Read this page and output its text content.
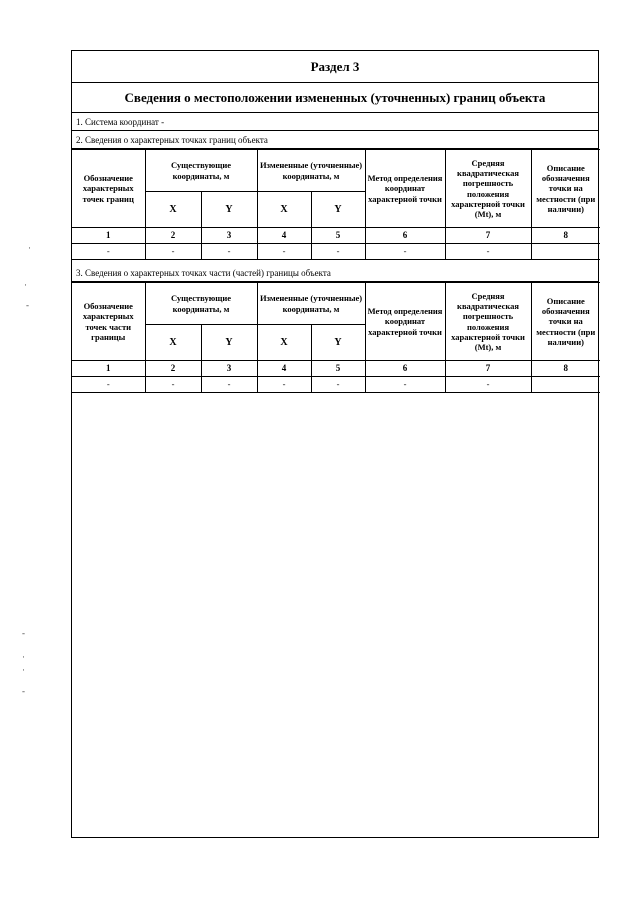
Раздел 3
Сведения о местоположении измененных (уточненных) границ объекта
1. Система координат -
2. Сведения о характерных точках границ объекта
Обозначение характерных точек границ	Существующие координаты, м		Измененные (уточненные) координаты, м		Метод определения координат характерной точки	Средняя квадратическая погрешность положения характерной точки (Mt), м	Описание обозначения точки на местности (при наличии)
	X	Y	X	Y			
1	2	3	4	5	6	7	8
-	-	-	-	-	-	-	
3. Сведения о характерных точках части (частей) границы объекта
Обозначение характерных точек части границы	Существующие координаты, м		Измененные (уточненные) координаты, м		Метод определения координат характерной точки	Средняя квадратическая погрешность положения характерной точки (Mt), м	Описание обозначения точки на местности (при наличии)
	X	Y	X	Y			
1	2	3	4	5	6	7	8
-	-	-	-	-	-	-	
·
·
-
-
·
·
-
